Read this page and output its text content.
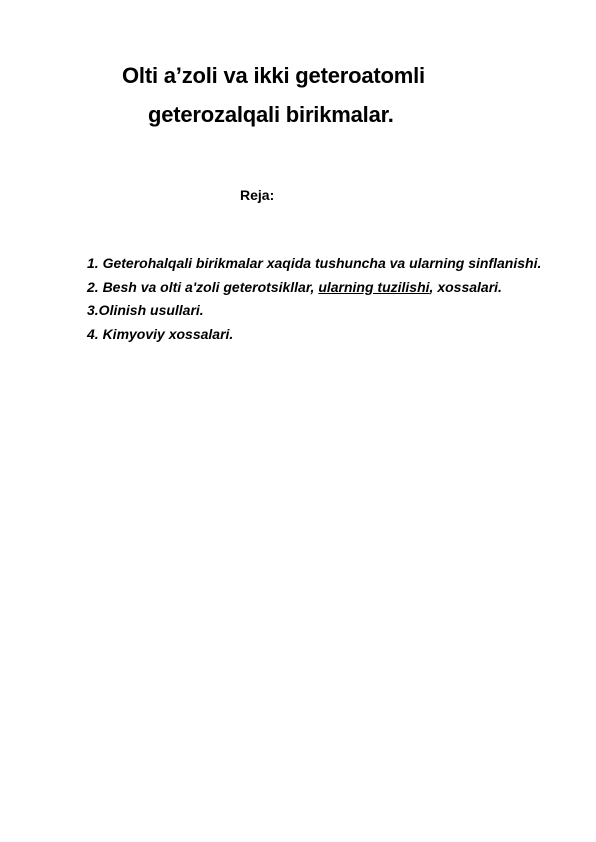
Olti a’zoli va ikki geteroatomli
geterozalqali birikmalar.
Reja:
1. Geterohalqali birikmalar xaqida tushuncha va ularning sinflanishi.
2. Besh va olti a'zoli geterotsikllar, ularning tuzilishi, xossalari.
3.Olinish usullari.
4. Kimyoviy xossalari.
